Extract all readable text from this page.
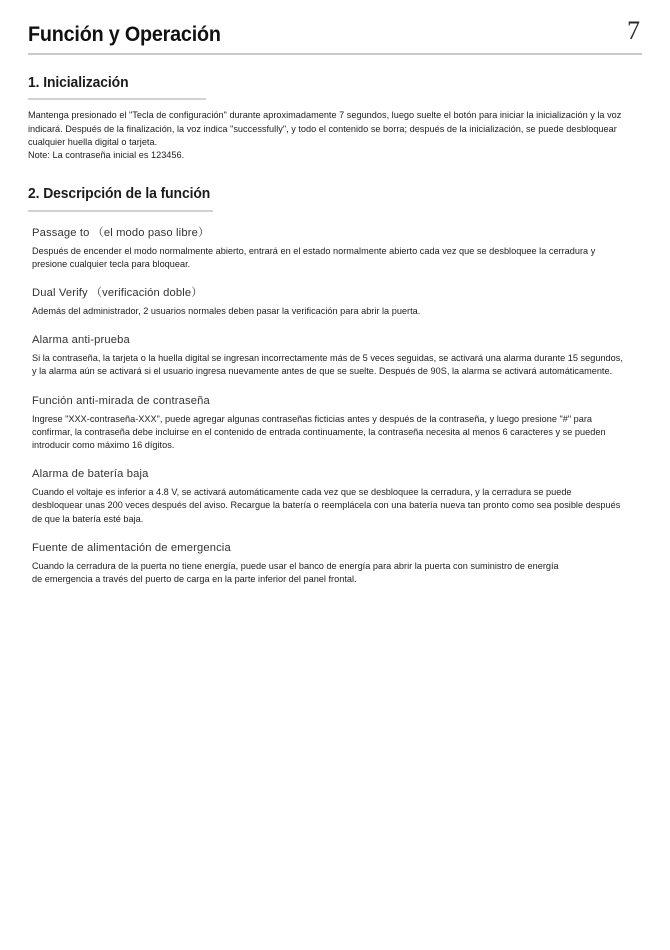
Función y Operación	7
1. Inicialización

Mantenga presionado el "Tecla de configuración" durante aproximadamente 7 segundos, luego suelte el botón para iniciar la inicialización y la voz indicará. Después de la finalización, la voz indica "successfully", y todo el contenido se borra; después de la inicialización, se puede desbloquear cualquier huella digital o tarjeta.

Note: La contraseña inicial es 123456.

2. Descripción de la función
Passage to （el modo paso libre）

Después de encender el modo normalmente abierto, entrará en el estado normalmente abierto cada vez que se desbloquee la cerradura y presione cualquier tecla para bloquear.

Dual Verify （verificación doble）

Además del administrador, 2 usuarios normales deben pasar la verificación para abrir la puerta.

Alarma anti-prueba

Si la contraseña, la tarjeta o la huella digital se ingresan incorrectamente más de 5 veces seguidas, se activará una alarma durante 15 segundos, y la alarma aún se activará si el usuario ingresa nuevamente antes de que se suelte. Después de 90S, la alarma se activará automáticamente.

Función anti-mirada de contraseña

Ingrese "XXX-contraseña-XXX", puede agregar algunas contraseñas ficticias antes y después de la contraseña, y luego presione "#" para confirmar, la contraseña debe incluirse en el contenido de entrada continuamente, la contraseña necesita al menos 6 caracteres y se pueden introducir como máximo 16 dígitos.

Alarma de batería baja

Cuando el voltaje es inferior a 4.8 V, se activará automáticamente cada vez que se desbloquee la cerradura, y la cerradura se puede desbloquear unas 200 veces después del aviso. Recargue la batería o reemplácela con una batería nueva tan pronto como sea posible después de que la batería esté baja.

Fuente de alimentación de emergencia

Cuando la cerradura de la puerta no tiene energía, puede usar el banco de energía para abrir la puerta con suministro de energía de emergencia a través del puerto de carga en la parte inferior del panel frontal.
